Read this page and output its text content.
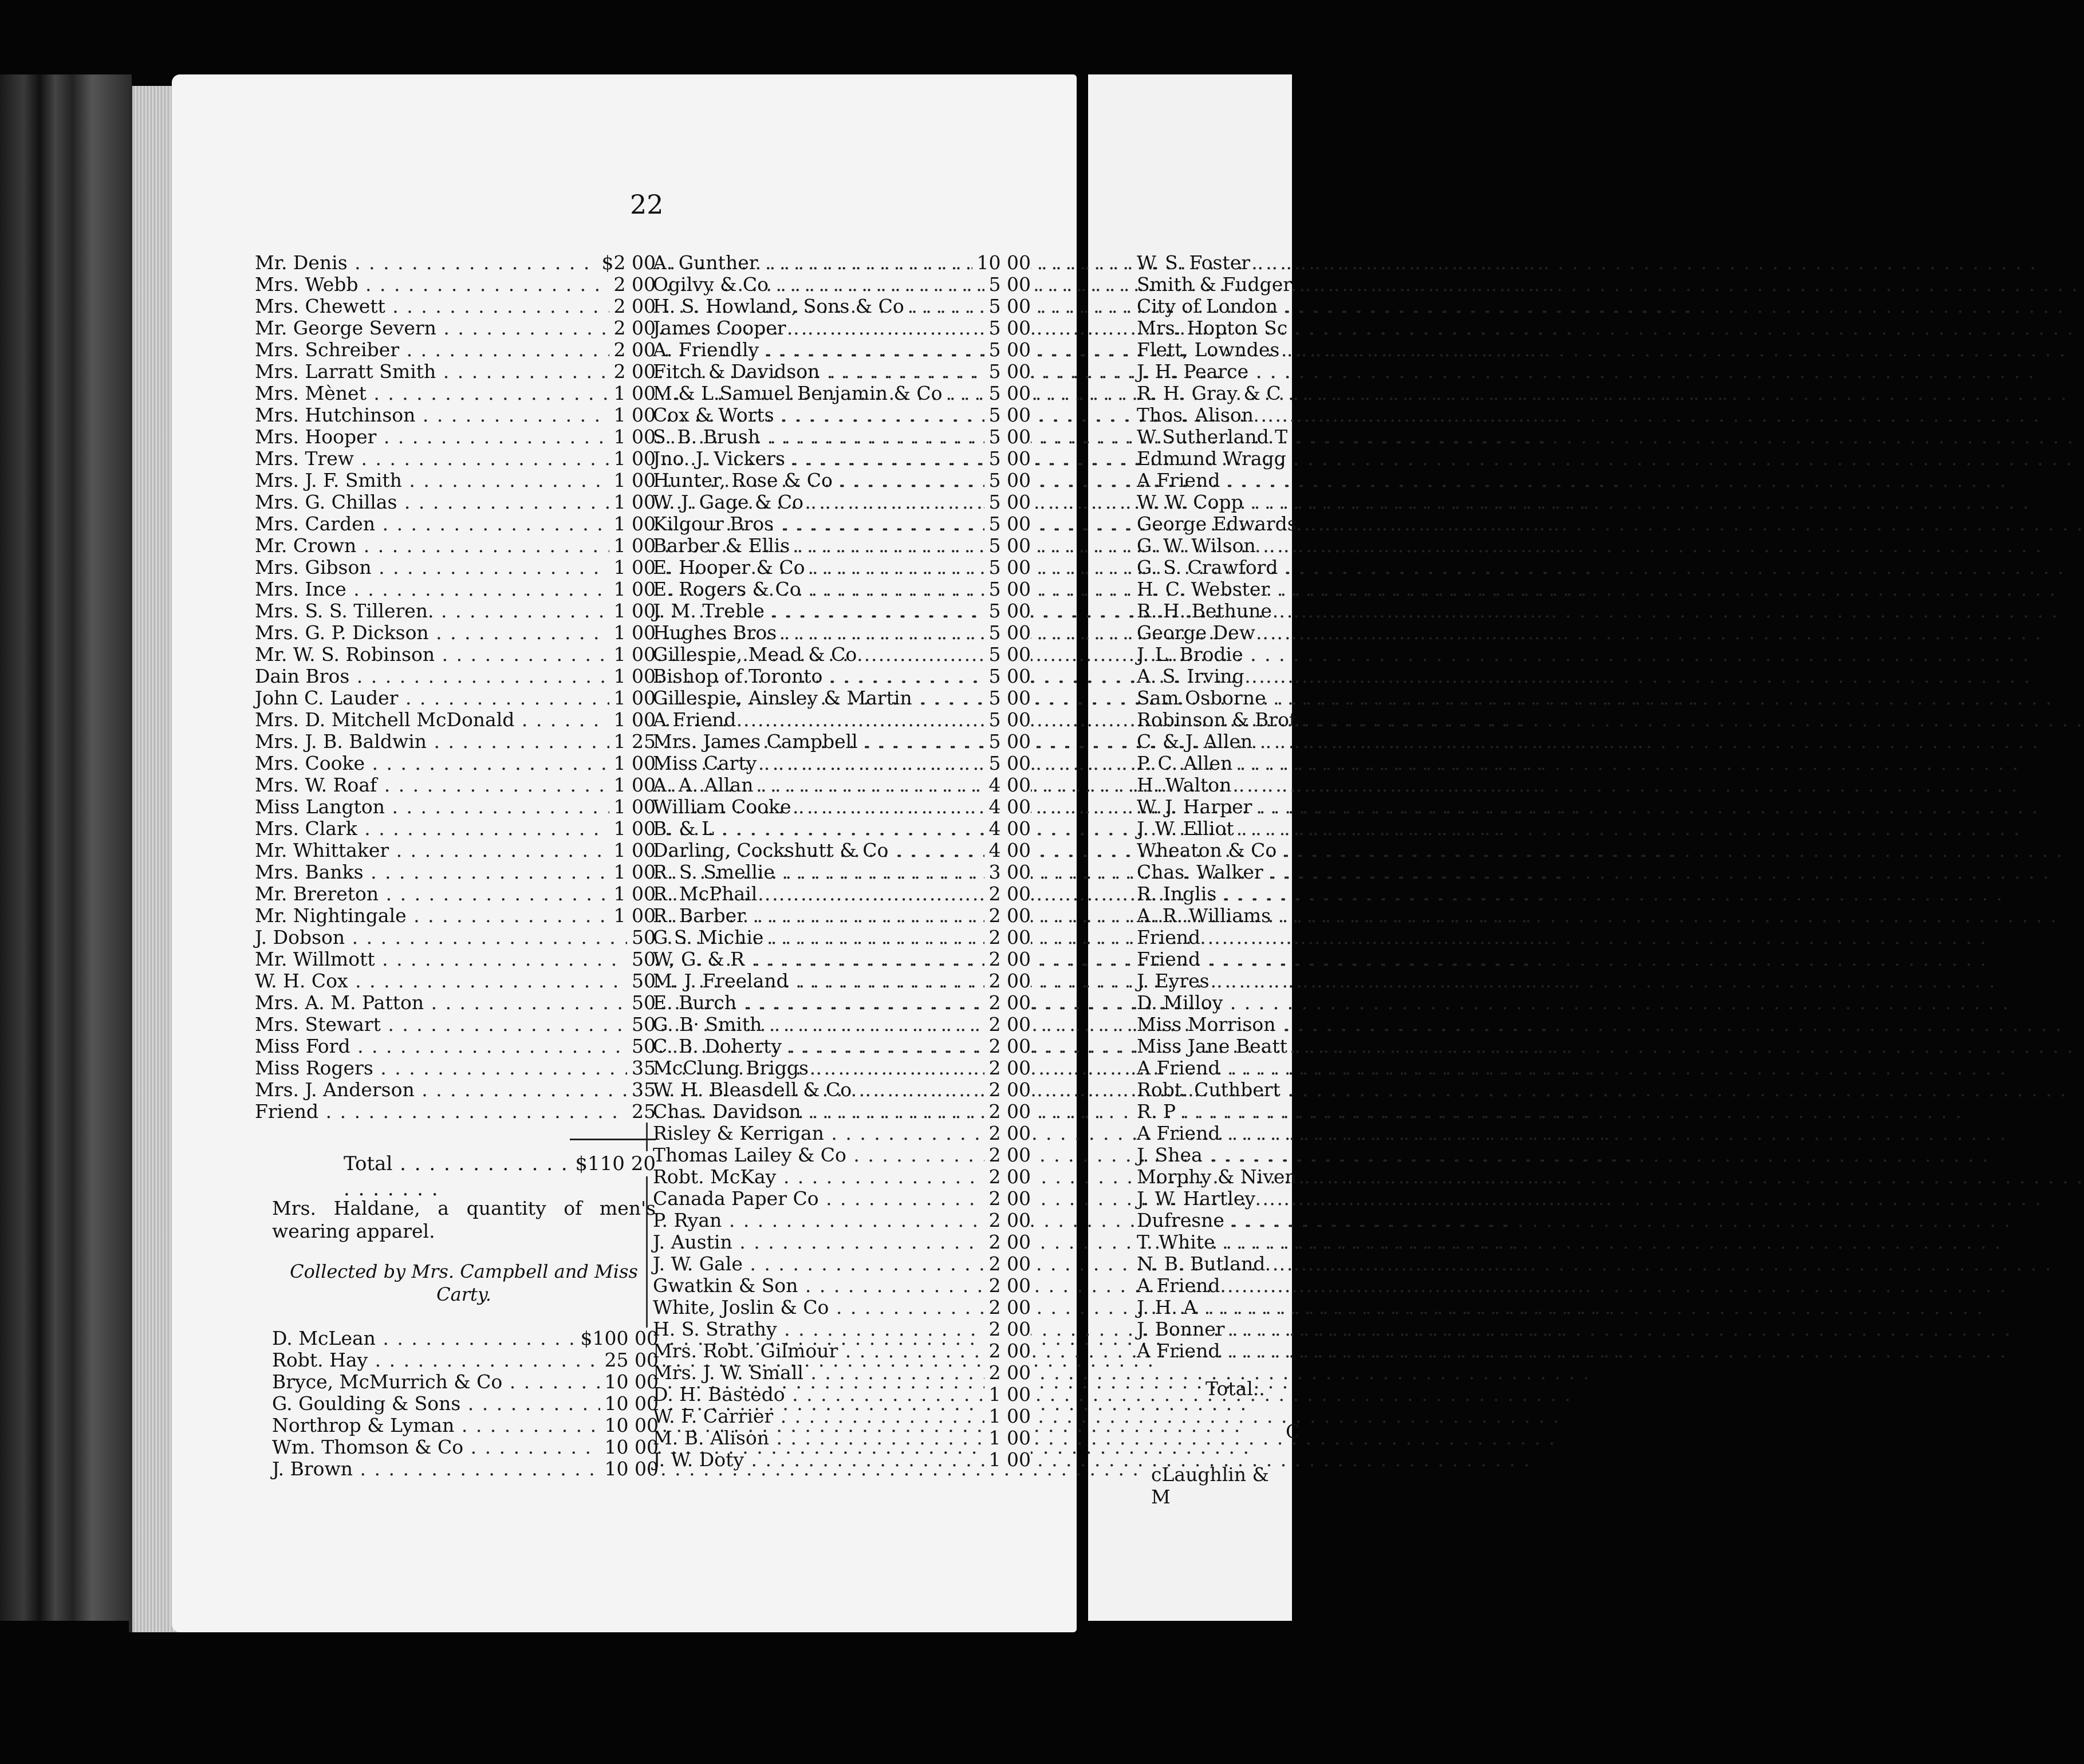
22
Mr. Denis . . .	$2 00
Mrs. Webb . . .	2 00
Mrs. Chewett . . .	2 00
Mr. George Severn . . .	2 00
Mrs. Schreiber . . .	2 00
Mrs. Larratt Smith . . .	2 00
Mrs. Mènet . . .	1 00
Mrs. Hutchinson . . .	1 00
Mrs. Hooper . . .	1 00
Mrs. Trew . . .	1 00
Mrs. J. F. Smith . . .	1 00
Mrs. G. Chillas . . .	1 00
Mrs. Carden . . .	1 00
Mr. Crown . . .	1 00
Mrs. Gibson . . .	1 00
Mrs. Ince . . .	1 00
Mrs. S. S. Tilleren. . . .	1 00
Mrs. G. P. Dickson . . .	1 00
Mr. W. S. Robinson . . .	1 00
Dain Bros . . .	1 00
John C. Lauder . . .	1 00
Mrs. D. Mitchell McDonald . . .	1 00
Mrs. J. B. Baldwin . . .	1 25
Mrs. Cooke . . .	1 00
Mrs. W. Roaf . . .	1 00
Miss Langton . . .	1 00
Mrs. Clark . . .	1 00
Mr. Whittaker . . .	1 00
Mrs. Banks . . .	1 00
Mr. Brereton . . .	1 00
Mr. Nightingale . . .	1 00
J. Dobson . . .	50
Mr. Willmott . . .	50
W. H. Cox . . .	50
Mrs. A. M. Patton . . .	50
Mrs. Stewart . . .	50
Miss Ford . . .	50
Miss Rogers . . .	35
Mrs. J. Anderson . . .	35
Friend . . .	25
Total . . .	$110 20
Mrs. Haldane, a quantity of men's wearing apparel.
Collected by Mrs. Campbell and Miss Carty.
D. McLean . . .	$100 00
Robt. Hay . . .	25 00
Bryce, McMurrich & Co . . .	10 00
G. Goulding & Sons . . .	10 00
Northrop & Lyman . . .	10 00
Wm. Thomson & Co . . .	10 00
J. Brown . . .	10 00
A. Gunther . . .	10 00
Ogilvy & Co . . .	5 00
H. S. Howland, Sons & Co . . .	5 00
James Cooper . . .	5 00
A. Friendly . . .	5 00
Fitch & Davidson . . .	5 00
M.& L.Samuel Benjamin & Co . . .	5 00
Cox & Worts . . .	5 00
S. B. Brush . . .	5 00
Jno. J. Vickers . . .	5 00
Hunter, Rose & Co . . .	5 00
W. J. Gage & Co . . .	5 00
Kilgour Bros . . .	5 00
Barber & Ellis . . .	5 00
E. Hooper & Co . . .	5 00
E. Rogers & Co . . .	5 00
J. M. Treble . . .	5 00
Hughes Bros . . .	5 00
Gillespie, Mead & Co . . .	5 00
Bishop of Toronto . . .	5 00
Gillespie, Ainsley & Martin . . .	5 00
A Friend . . .	5 00
Mrs. James Campbell . . .	5 00
Miss Carty . . .	5 00
A. A. Allan . . .	4 00
William Cooke . . .	4 00
B. & L . . .	4 00
Darling, Cockshutt & Co . . .	4 00
R. S. Smellie . . .	3 00
R. McPhail . . .	2 00
R. Barber . . .	2 00
G S. Michie . . .	2 00
W, G. & R . . .	2 00
M. J. Freeland . . .	2 00
E. Burch . . .	2 00
G. B· Smith . . .	2 00
C. B. Doherty . . .	2 00
McClung Briggs . . .	2 00
W. H. Bleasdell & Co . . .	2 00
Chas. Davidson . . .	2 00
Risley & Kerrigan . . .	2 00
Thomas Lailey & Co . . .	2 00
Robt. McKay . . .	2 00
Canada Paper Co . . .	2 00
P. Ryan . . .	2 00
J. Austin . . .	2 00
J. W. Gale . . .	2 00
Gwatkin & Son . . .	2 00
White, Joslin & Co . . .	2 00
H. S. Strathy . . .	2 00
Mrs. Robt. Gilmour . . .	2 00
Mrs. J. W. Small . . .	2 00
D. H. Bastedo . . .	1 00
W. F. Carrier . . .	1 00
M. B. Alison . . .	1 00
J. W. Doty . . .	1 00
W. S. Foster . . .
Smith & Fudger . . .
City of London . . .
Mrs. Hopton Sc . . .
Flett, Lowndes . . .
J. H. Pearce . . .
R. H. Gray & C . . .
Thos. Alison . . .
W Sutherland T . . .
Edmund Wragg . . .
A Friend . . .
W. W. Copp . . .
George Edwards . . .
G. W. Wilson . . .
G. S. Crawford . . .
H. C. Webster . . .
R. H. Bethune . . .
George Dew . . .
J. L. Brodie . . .
A. S. Irving . . .
Sam Osborne . . .
Robinson & Brot . . .
C. & J. Allen . . .
P. C. Allen . . .
H. Walton . . .
W. J. Harper . . .
J. W. Elliot . . .
Wheaton & Co . . .
Chas. Walker . . .
R. Inglis . . .
A. R. Williams . . .
Friend . . .
Friend . . .
J. Eyres . . .
D. Milloy . . .
Miss Morrison . . .
Miss Jane Beatt . . .
A Friend . . .
Robt. Cuthbert . . .
R. P . . .
A Friend . . .
J. Shea . . .
Morphy & Niven . . .
J. W. Hartley . . .
Dufresne . . .
T. White . . .
N. B. Butland . . .
A Friend . . .
J. H. A . . .
J. Bonner . . .
A Friend . . .
Total..
C
cLaughlin & M
